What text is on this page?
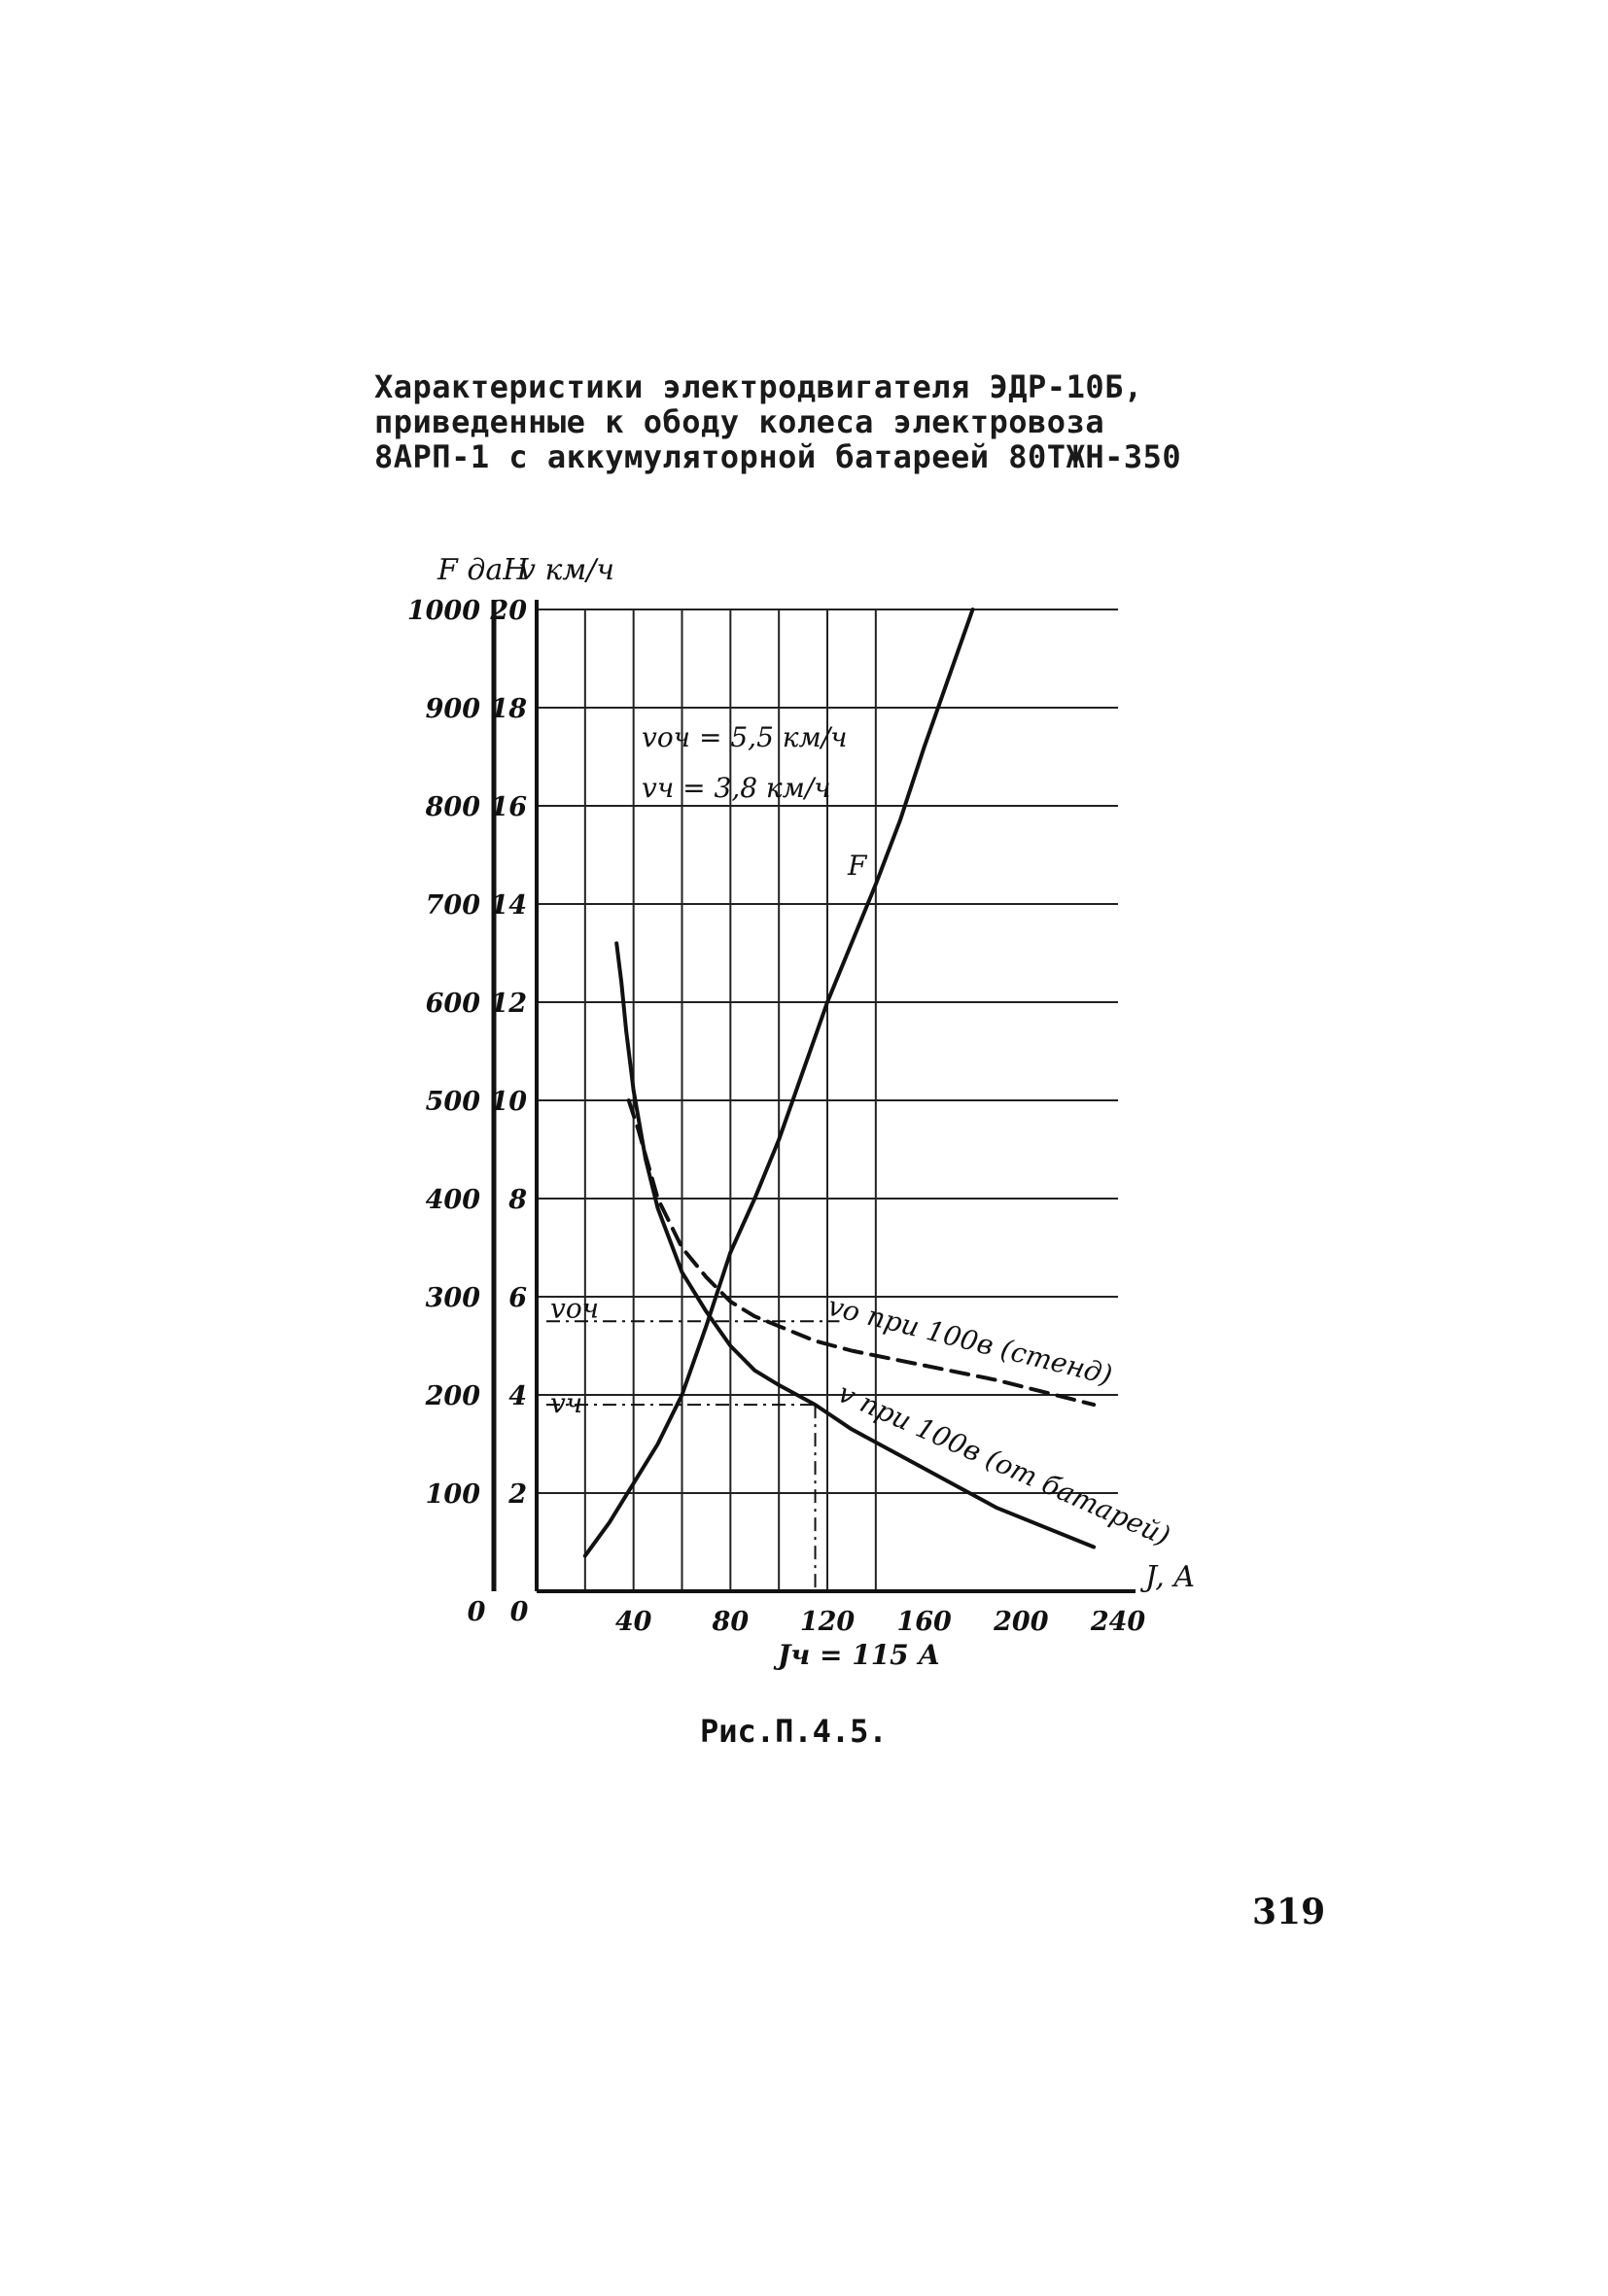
Характеристики электродвигателя ЭДР-10Б,
приведенные к ободу колеса электровоза
8АРП-1 с аккумуляторной батареей 80ТЖН-350
20
18
16
14
12
10
8
6
4
2
1000
900
800
700
600
500
400
300
200
100
40 80 120 160 200 240
0 0
F даН
v км/ч
J, A
vоч = 5,5 км/ч
vч = 3,8 км/ч
vоч
vч
F
vо при 100в (стенд)
v при 100в (от батарей)
Jч = 115 А
Рис.П.4.5.
319
